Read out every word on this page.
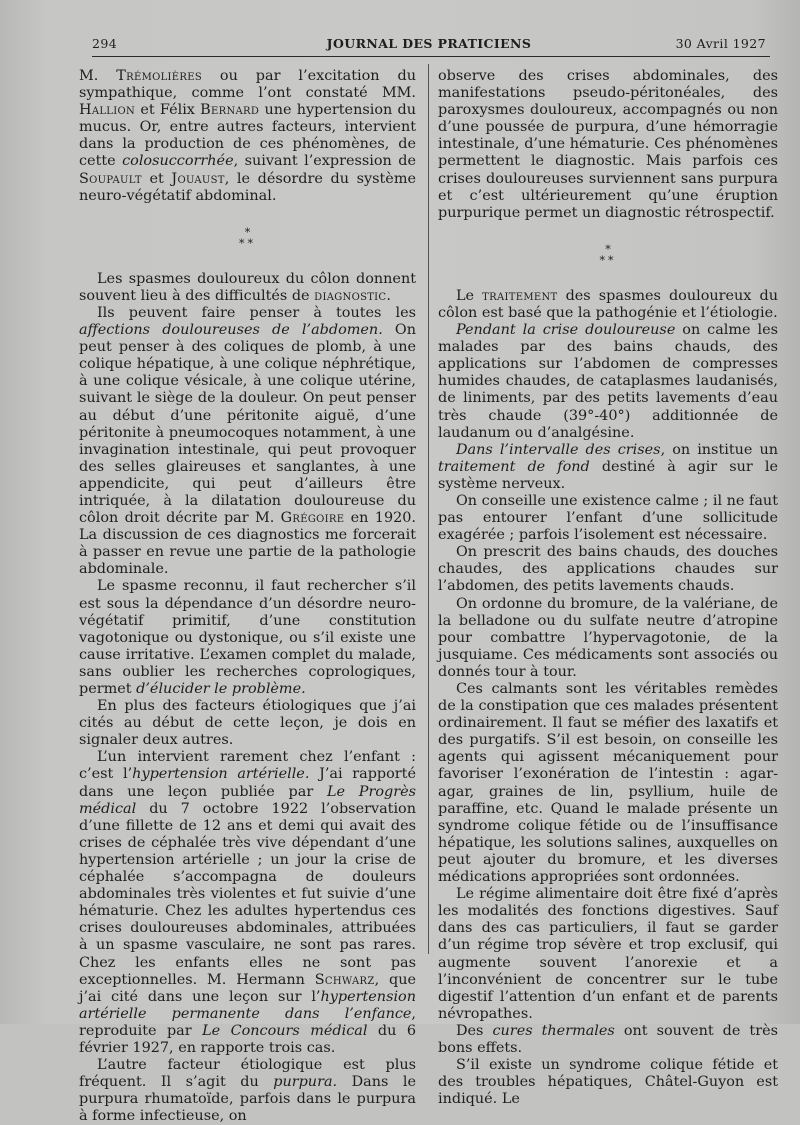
294	JOURNAL DES PRATICIENS	30 Avril 1927

M. Trémolières ou par l’excitation du sympathique, comme l’ont constaté MM. Hallion et Félix Bernard une hypertension du mucus. Or, entre autres facteurs, intervient dans la production de ces phénomènes, de cette colosuccorrhée, suivant l’expression de Soupault et Jouaust, le désordre du système neuro-végétatif abdominal.

*
**

Les spasmes douloureux du côlon donnent souvent lieu à des difficultés de diagnostic.

Ils peuvent faire penser à toutes les affections douloureuses de l’abdomen. On peut penser à des coliques de plomb, à une colique hépatique, à une colique néphrétique, à une colique vésicale, à une colique utérine, suivant le siège de la douleur. On peut penser au début d’une péritonite aiguë, d’une péritonite à pneumocoques notamment, à une invagination intestinale, qui peut provoquer des selles glaireuses et sanglantes, à une appendicite, qui peut d’ailleurs être intriquée, à la dilatation douloureuse du côlon droit décrite par M. Grégoire en 1920. La discussion de ces diagnostics me forcerait à passer en revue une partie de la pathologie abdominale.

Le spasme reconnu, il faut rechercher s’il est sous la dépendance d’un désordre neuro-végétatif primitif, d’une constitution vagotonique ou dystonique, ou s’il existe une cause irritative. L’examen complet du malade, sans oublier les recherches coprologiques, permet d’élucider le problème.

En plus des facteurs étiologiques que j’ai cités au début de cette leçon, je dois en signaler deux autres.

L’un intervient rarement chez l’enfant : c’est l’hypertension artérielle. J’ai rapporté dans une leçon publiée par Le Progrès médical du 7 octobre 1922 l’observation d’une fillette de 12 ans et demi qui avait des crises de céphalée très vive dépendant d’une hypertension artérielle ; un jour la crise de céphalée s’accompagna de douleurs abdominales très violentes et fut suivie d’une hématurie. Chez les adultes hypertendus ces crises douloureuses abdominales, attribuées à un spasme vasculaire, ne sont pas rares. Chez les enfants elles ne sont pas exceptionnelles. M. Hermann Schwarz, que j’ai cité dans une leçon sur l’hypertension artérielle permanente dans l’enfance, reproduite par Le Concours médical du 6 février 1927, en rapporte trois cas.

L’autre facteur étiologique est plus fréquent. Il s’agit du purpura. Dans le purpura rhumatoïde, parfois dans le purpura à forme infectieuse, on

observe des crises abdominales, des manifestations pseudo-péritonéales, des paroxysmes douloureux, accompagnés ou non d’une poussée de purpura, d’une hémorragie intestinale, d’une hématurie. Ces phénomènes permettent le diagnostic. Mais parfois ces crises douloureuses surviennent sans purpura et c’est ultérieurement qu’une éruption purpurique permet un diagnostic rétrospectif.

*
**

Le traitement des spasmes douloureux du côlon est basé que la pathogénie et l’étiologie.

Pendant la crise douloureuse on calme les malades par des bains chauds, des applications sur l’abdomen de compresses humides chaudes, de cataplasmes laudanisés, de liniments, par des petits lavements d’eau très chaude (39°-40°) additionnée de laudanum ou d’analgésine.

Dans l’intervalle des crises, on institue un traitement de fond destiné à agir sur le système nerveux.

On conseille une existence calme ; il ne faut pas entourer l’enfant d’une sollicitude exagérée ; parfois l’isolement est nécessaire.

On prescrit des bains chauds, des douches chaudes, des applications chaudes sur l’abdomen, des petits lavements chauds.

On ordonne du bromure, de la valériane, de la belladone ou du sulfate neutre d’atropine pour combattre l’hypervagotonie, de la jusquiame. Ces médicaments sont associés ou donnés tour à tour.

Ces calmants sont les véritables remèdes de la constipation que ces malades présentent ordinairement. Il faut se méfier des laxatifs et des purgatifs. S’il est besoin, on conseille les agents qui agissent mécaniquement pour favoriser l’exonération de l’intestin : agar-agar, graines de lin, psyllium, huile de paraffine, etc. Quand le malade présente un syndrome colique fétide ou de l’insuffisance hépatique, les solutions salines, auxquelles on peut ajouter du bromure, et les diverses médications appropriées sont ordonnées.

Le régime alimentaire doit être fixé d’après les modalités des fonctions digestives. Sauf dans des cas particuliers, il faut se garder d’un régime trop sévère et trop exclusif, qui augmente souvent l’anorexie et a l’inconvénient de concentrer sur le tube digestif l’attention d’un enfant et de parents névropathes.

Des cures thermales ont souvent de très bons effets.

S’il existe un syndrome colique fétide et des troubles hépatiques, Châtel-Guyon est indiqué. Le
